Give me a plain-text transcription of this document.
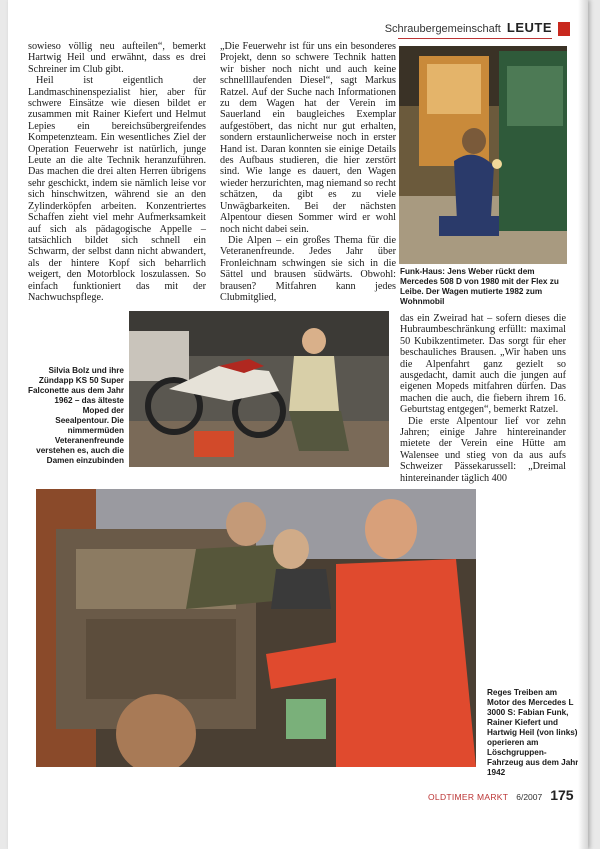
Schraubergemeinschaft LEUTE

sowieso völlig neu aufteilen“, bemerkt Hartwig Heil und erwähnt, dass es drei Schreiner im Club gibt.

Heil ist eigentlich der Landmaschinenspezialist hier, aber für schwere Einsätze wie diesen bildet er zusammen mit Rainer Kiefert und Helmut Lepies ein bereichsübergreifendes Kompetenzteam. Ein wesentliches Ziel der Operation Feuerwehr ist natürlich, junge Leute an die alte Technik heranzuführen. Das machen die drei alten Herren übrigens sehr geschickt, indem sie nämlich leise vor sich hinschwitzen, während sie an den Zylinderköpfen arbeiten. Konzentriertes Schaffen zieht viel mehr Aufmerksamkeit auf sich als pädagogische Appelle – tatsächlich bildet sich schnell ein Schwarm, der selbst dann nicht abwandert, als der hintere Kopf sich beharrlich weigert, den Motorblock loszulassen. So einfach funktioniert das mit der Nachwuchspflege.

„Die Feuerwehr ist für uns ein besonderes Projekt, denn so schwere Technik hatten wir bisher noch nicht und auch keine schnellllaufenden Diesel“, sagt Markus Ratzel. Auf der Suche nach Informationen zu dem Wagen hat der Verein im Sauerland ein baugleiches Exemplar aufgestöbert, das nicht nur gut erhalten, sondern erstaunlicherweise noch in erster Hand ist. Daran konnten sie einige Details des Aufbaus studieren, die hier zerstört sind. Wie lange es dauert, den Wagen wieder herzurichten, mag niemand so recht schätzen, da gibt es zu viele Unwägbarkeiten. Bei der nächsten Alpentour diesen Sommer wird er wohl noch nicht dabei sein.

Die Alpen – ein großes Thema für die Veteranenfreunde. Jedes Jahr über Fronleichnam schwingen sie sich in die Sättel und brausen südwärts. Obwohl: brausen? Mitfahren kann jedes Clubmitglied,

das ein Zweirad hat – sofern dieses die Hubraumbeschränkung erfüllt: maximal 50 Kubikzentimeter. Das sorgt für eher beschauliches Brausen. „Wir haben uns die Alpenfahrt ganz gezielt so ausgedacht, damit auch die jungen auf eigenen Mopeds mitfahren dürfen. Das machen die auch, die fiebern ihrem 16. Geburtstag entgegen“, bemerkt Ratzel.

Die erste Alpentour lief vor zehn Jahren; einige Jahre hintereinander mietete der Verein eine Hütte am Walensee und stieg von da aus aufs Schweizer Pässekarussell: „Dreimal hintereinander täglich 400

Funk-Haus: Jens Weber rückt dem Mercedes 508 D von 1980 mit der Flex zu Leibe. Der Wagen mutierte 1982 zum Wohnmobil
Silvia Bolz und ihre Zündapp KS 50 Super Falconette aus dem Jahr 1962 – das älteste Moped der Seealpentour. Die nimmermüden Veteranenfreunde verstehen es, auch die Damen einzubinden
Reges Treiben am Motor des Mercedes L 3000 S: Fabian Funk, Rainer Kiefert und Hartwig Heil (von links) operieren am Löschgruppen-Fahrzeug aus dem Jahr 1942
OLDTIMER MARKT 6/2007 175
